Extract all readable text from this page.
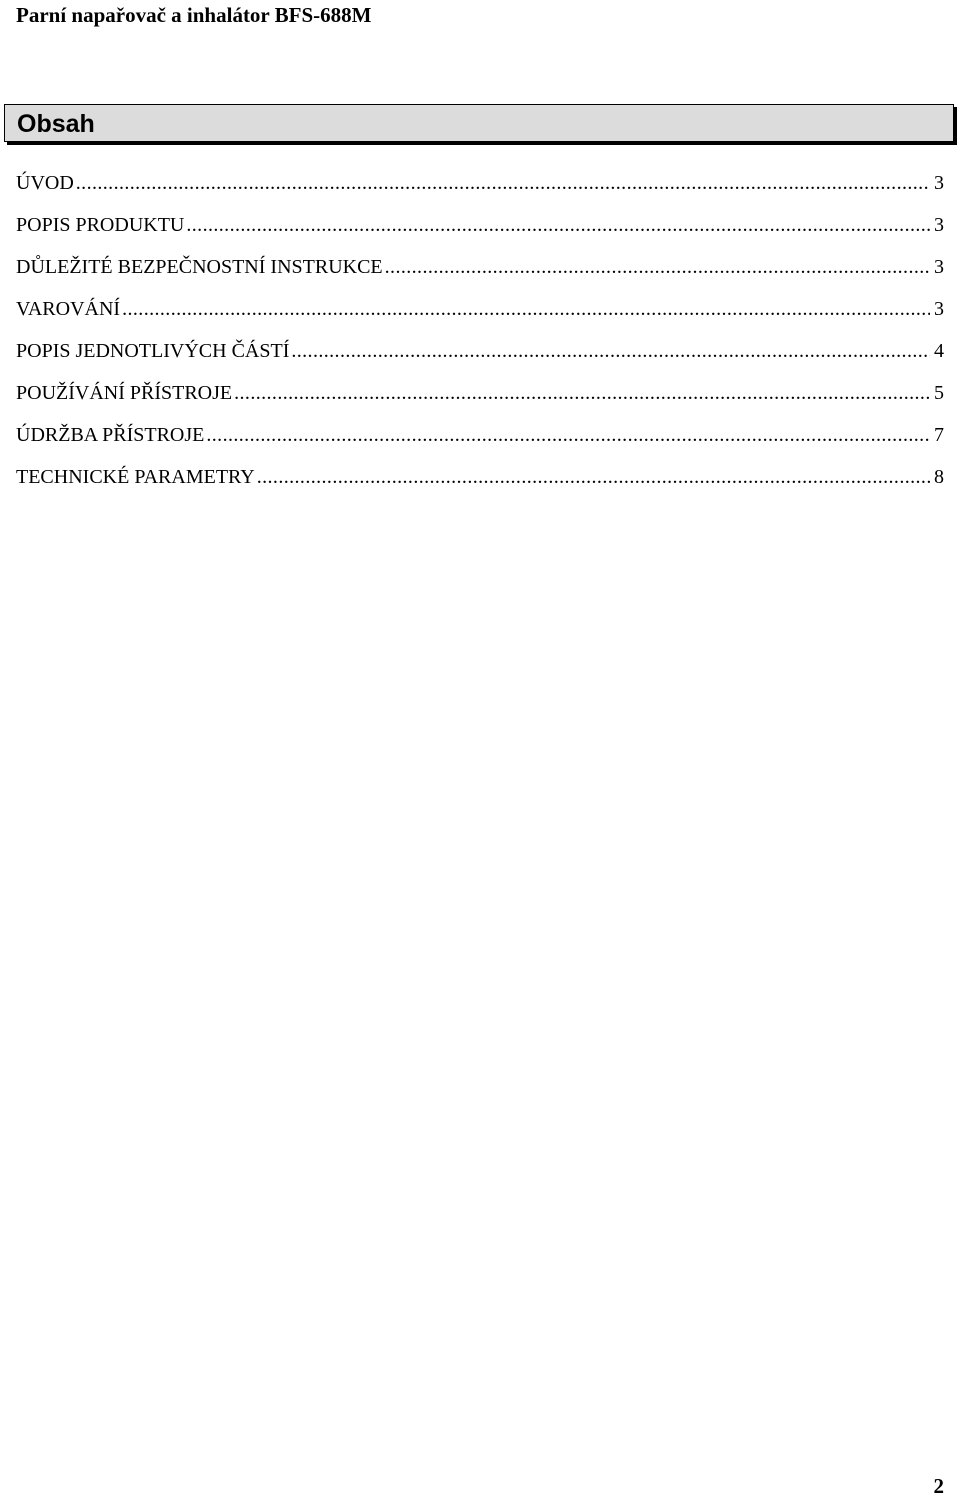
Parní napařovač a inhalátor BFS-688M
Obsah
ÚVOD .....	3
POPIS PRODUKTU .....	3
DŮLEŽITÉ BEZPEČNOSTNÍ INSTRUKCE .....	3
VAROVÁNÍ .....	3
POPIS JEDNOTLIVÝCH ČÁSTÍ .....	4
POUŽÍVÁNÍ PŘÍSTROJE .....	5
ÚDRŽBA PŘÍSTROJE .....	7
TECHNICKÉ PARAMETRY .....	8
2
